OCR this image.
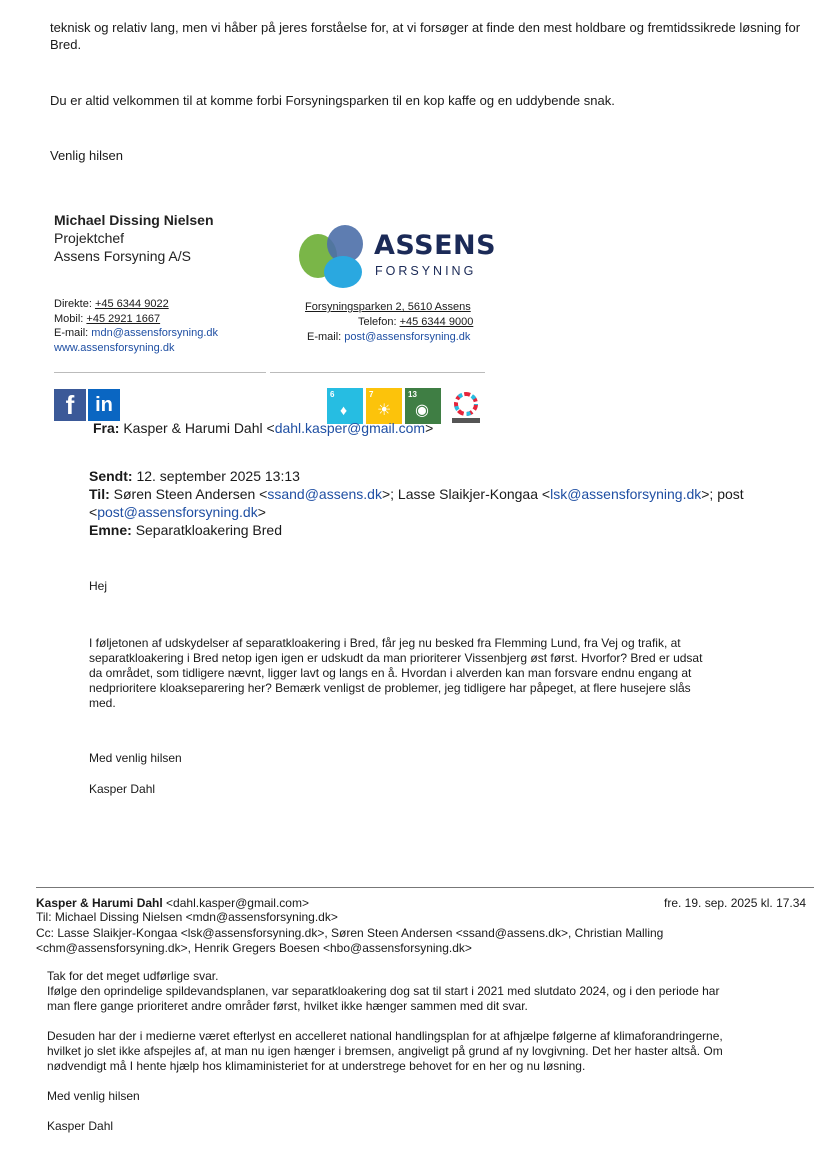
teknisk og relativ lang, men vi håber på jeres forståelse for, at vi forsøger at finde den mest holdbare og fremtidssikrede løsning for
Bred.
Du er altid velkommen til at komme forbi Forsyningsparken til en kop kaffe og en uddybende snak.
Venlig hilsen
Michael Dissing Nielsen
Projektchef
Assens Forsyning A/S	ASSENS
FORSYNING
Direkte: +45 6344 9022
Mobil: +45 2921 1667
E-mail: mdn@assensforsyning.dk
www.assensforsyning.dk
Forsyningsparken 2, 5610 Assens
Telefon: +45 6344 9000
E-mail: post@assensforsyning.dk
f in	6
♦
7
☀
13
◉
Fra: Kasper & Harumi Dahl <dahl.kasper@gmail.com>
Sendt: 12. september 2025 13:13
Til: Søren Steen Andersen <ssand@assens.dk>; Lasse Slaikjer-Kongaa <lsk@assensforsyning.dk>; post
<post@assensforsyning.dk>
Emne: Separatkloakering Bred
Hej
I føljetonen af udskydelser af separatkloakering i Bred, får jeg nu besked fra Flemming Lund, fra Vej og trafik, at
separatkloakering i Bred netop igen igen er udskudt da man prioriterer Vissenbjerg øst først. Hvorfor? Bred er udsat
da området, som tidligere nævnt, ligger lavt og langs en å. Hvordan i alverden kan man forsvare endnu engang at
nedprioritere kloakseparering her? Bemærk venligst de problemer, jeg tidligere har påpeget, at flere husejere slås
med.
Med venlig hilsen
Kasper Dahl
Kasper & Harumi Dahl <dahl.kasper@gmail.com>	fre. 19. sep. 2025 kl. 17.34
Til: Michael Dissing Nielsen <mdn@assensforsyning.dk>
Cc: Lasse Slaikjer-Kongaa <lsk@assensforsyning.dk>, Søren Steen Andersen <ssand@assens.dk>, Christian Malling
<chm@assensforsyning.dk>, Henrik Gregers Boesen <hbo@assensforsyning.dk>
Tak for det meget udførlige svar.
Ifølge den oprindelige spildevandsplanen, var separatkloakering dog sat til start i 2021 med slutdato 2024, og i den periode har
man flere gange prioriteret andre områder først, hvilket ikke hænger sammen med dit svar.
Desuden har der i medierne været efterlyst en accelleret national handlingsplan for at afhjælpe følgerne af klimaforandringerne,
hvilket jo slet ikke afspejles af, at man nu igen hænger i bremsen, angiveligt på grund af ny lovgivning. Det her haster altså. Om
nødvendigt må I hente hjælp hos klimaministeriet for at understrege behovet for en her og nu løsning.
Med venlig hilsen
Kasper Dahl
